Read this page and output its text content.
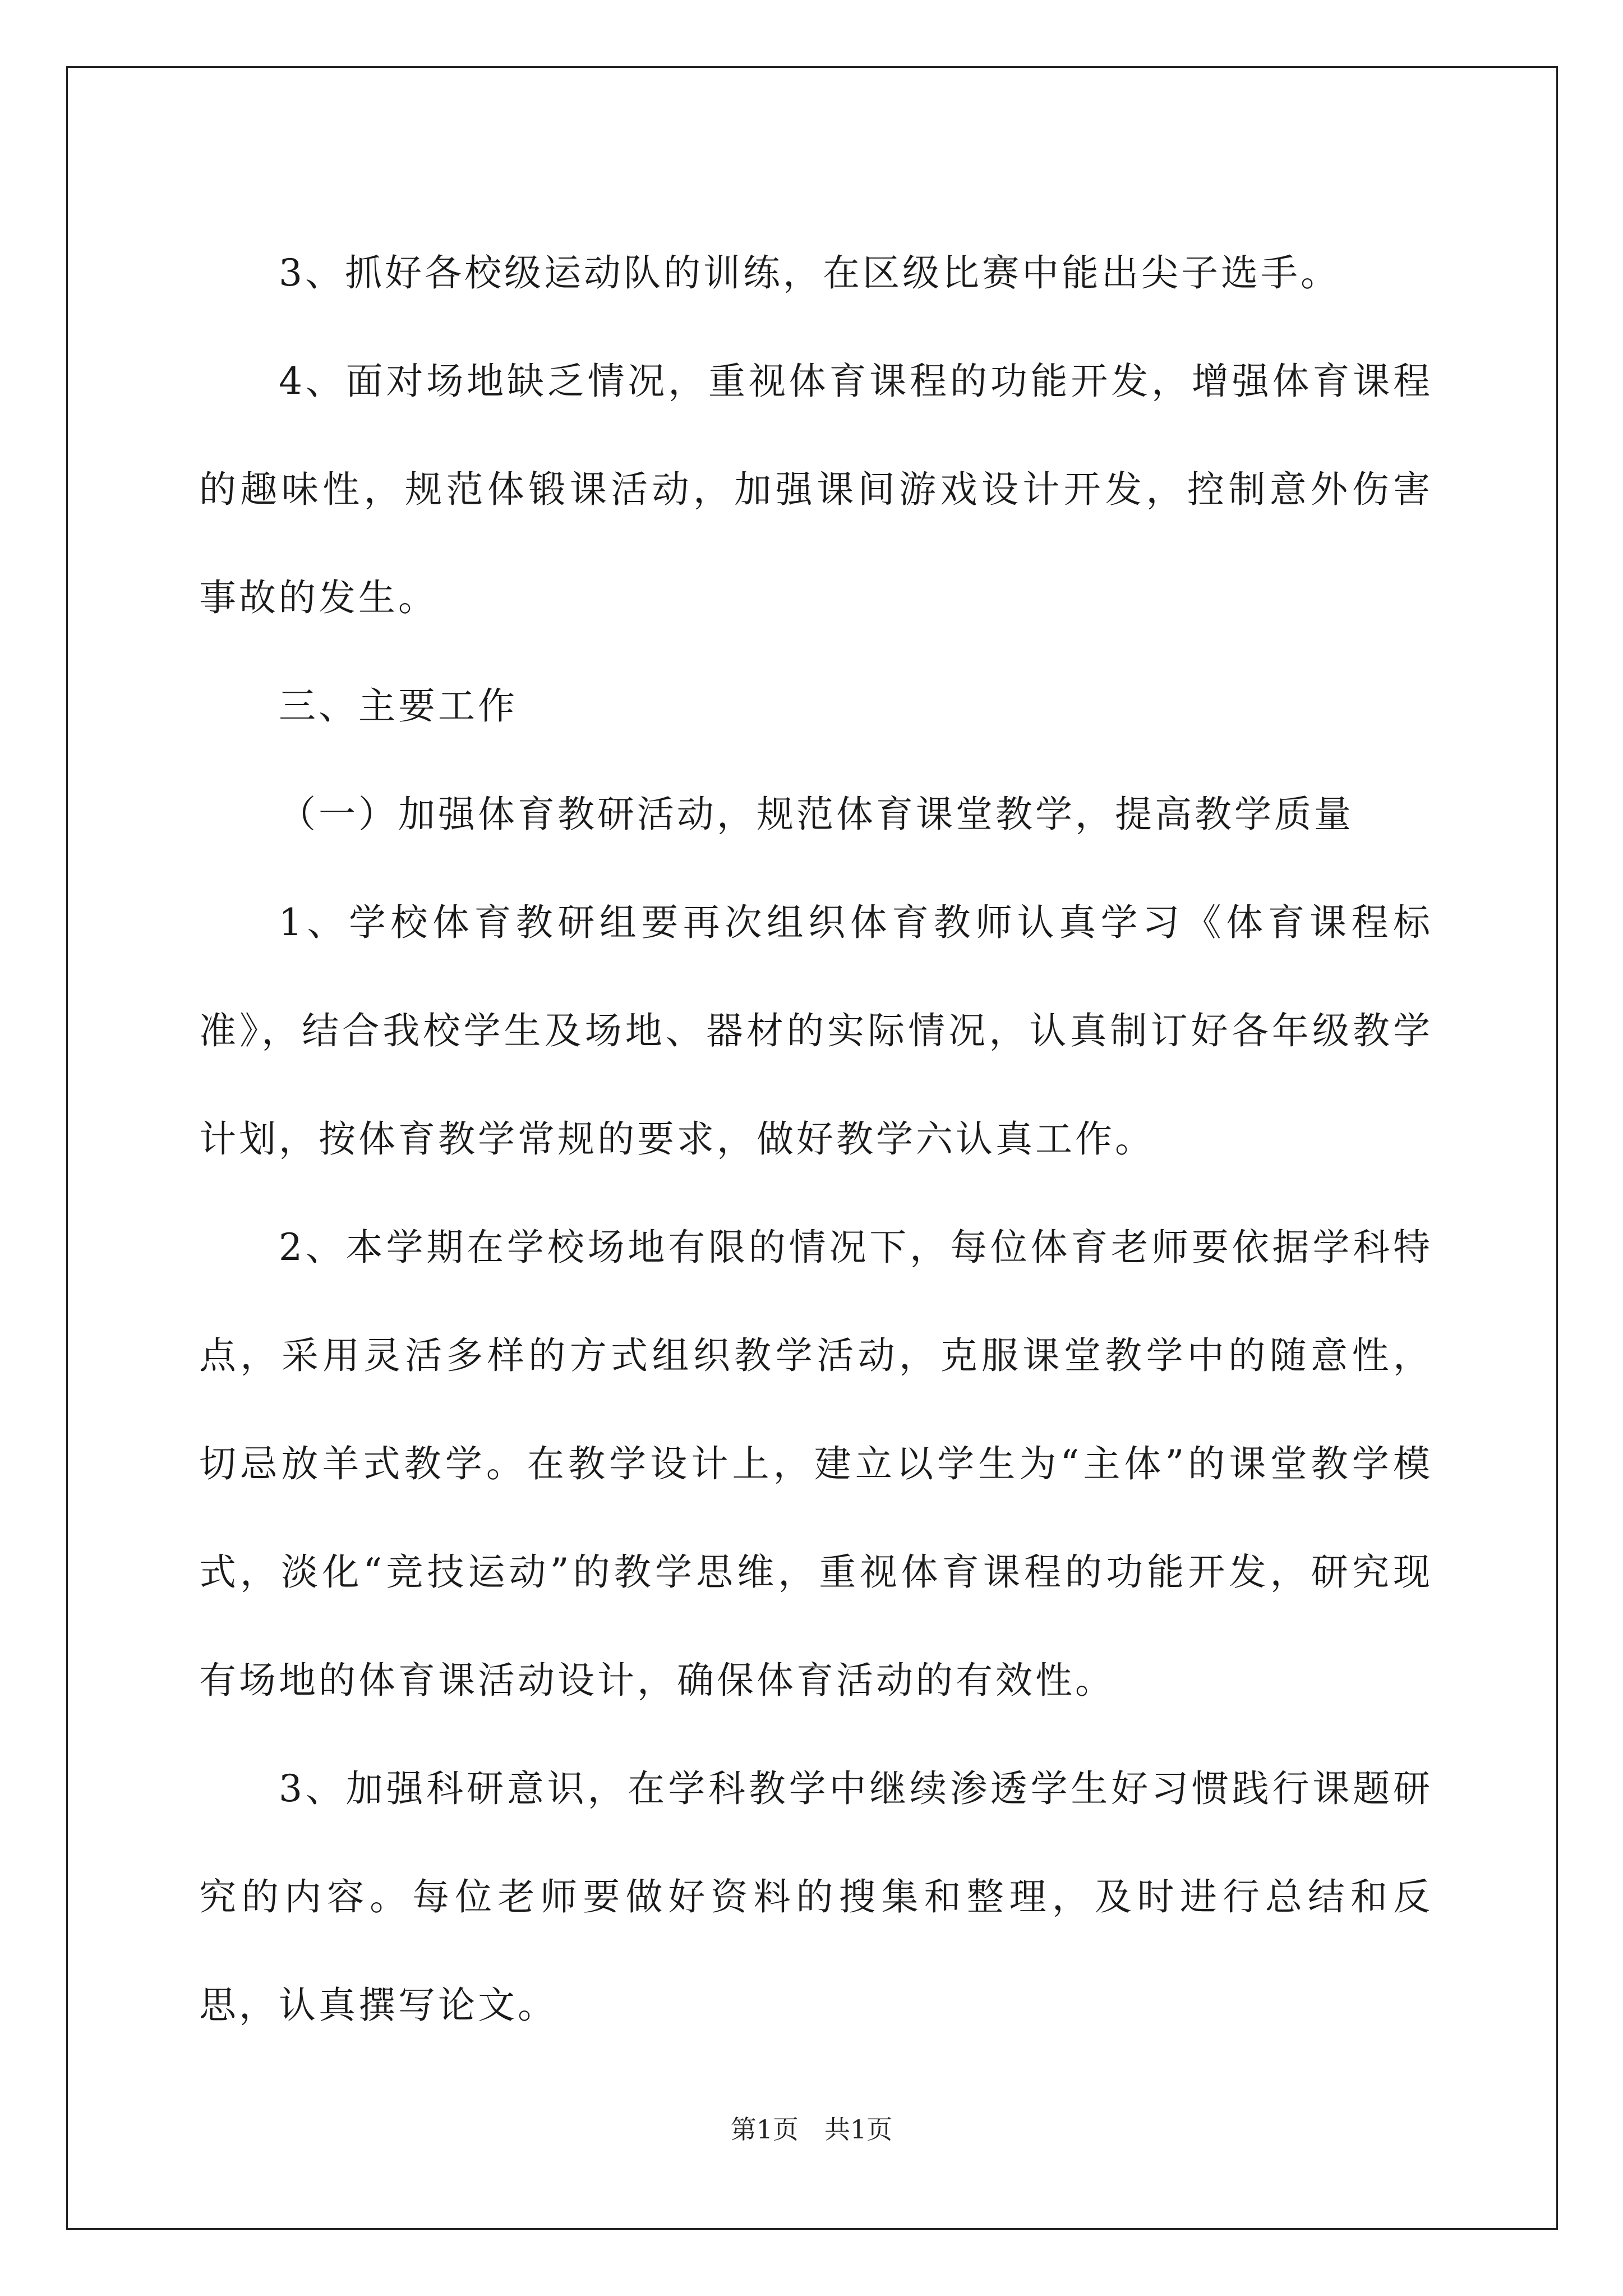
3、抓好各校级运动队的训练，在区级比赛中能出尖子选手。

4、面对场地缺乏情况，重视体育课程的功能开发，增强体育课程的趣味性，规范体锻课活动，加强课间游戏设计开发，控制意外伤害事故的发生。

三、主要工作

（一）加强体育教研活动，规范体育课堂教学，提高教学质量

1、学校体育教研组要再次组织体育教师认真学习《体育课程标准》，结合我校学生及场地、器材的实际情况，认真制订好各年级教学计划，按体育教学常规的要求，做好教学六认真工作。

2、本学期在学校场地有限的情况下，每位体育老师要依据学科特点，采用灵活多样的方式组织教学活动，克服课堂教学中的随意性，切忌放羊式教学。在教学设计上，建立以学生为“主体”的课堂教学模式，淡化“竞技运动”的教学思维，重视体育课程的功能开发，研究现有场地的体育课活动设计，确保体育活动的有效性。

3、加强科研意识，在学科教学中继续渗透学生好习惯践行课题研究的内容。每位老师要做好资料的搜集和整理，及时进行总结和反思，认真撰写论文。

第1页 共1页
